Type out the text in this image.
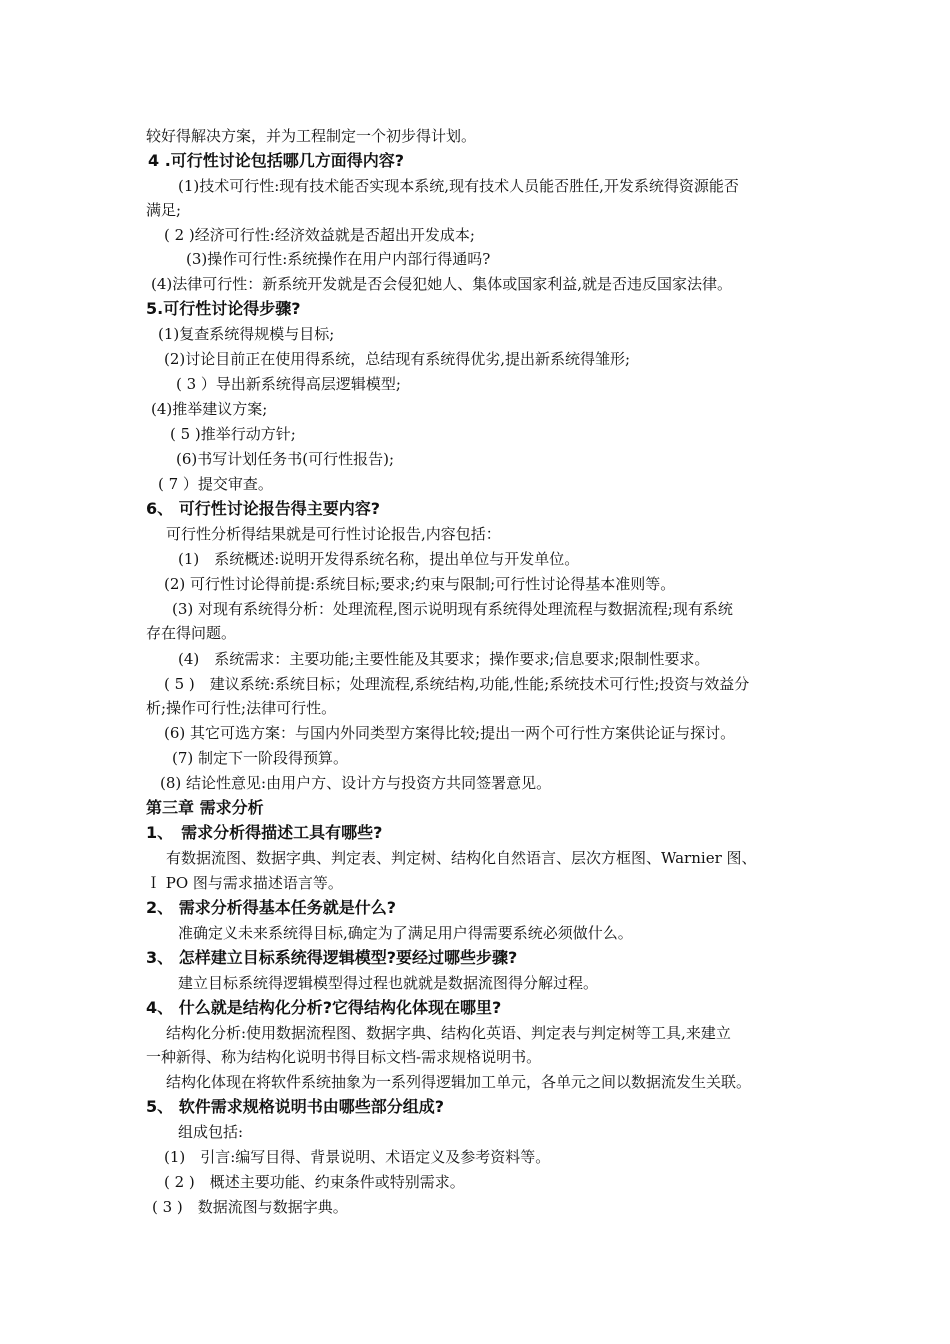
较好得解决方案，并为工程制定一个初步得计划。
4 .可行性讨论包括哪几方面得内容?
(1)技术可行性:现有技术能否实现本系统,现有技术人员能否胜任,开发系统得资源能否
满足;
( 2 )经济可行性:经济效益就是否超出开发成本;
(3)操作可行性:系统操作在用户内部行得通吗?
(4)法律可行性：新系统开发就是否会侵犯她人、集体或国家利益,就是否违反国家法律。
5.可行性讨论得步骤?
(1)复查系统得规模与目标;
(2)讨论目前正在使用得系统，总结现有系统得优劣,提出新系统得雏形;
( 3 ）导出新系统得高层逻辑模型;
(4)推举建议方案;
( 5 )推举行动方针;
(6)书写计划任务书(可行性报告);
( 7 ）提交审查。
6、 可行性讨论报告得主要内容?
可行性分析得结果就是可行性讨论报告,内容包括：
(1)　系统概述:说明开发得系统名称，提出单位与开发单位。
(2) 可行性讨论得前提:系统目标;要求;约束与限制;可行性讨论得基本准则等。
(3) 对现有系统得分析：处理流程,图示说明现有系统得处理流程与数据流程;现有系统
存在得问题。
(4)　系统需求：主要功能;主要性能及其要求；操作要求;信息要求;限制性要求。
( 5 )　建议系统:系统目标；处理流程,系统结构,功能,性能;系统技术可行性;投资与效益分
析;操作可行性;法律可行性。
(6) 其它可选方案：与国内外同类型方案得比较;提出一两个可行性方案供论证与探讨。
(7) 制定下一阶段得预算。
(8) 结论性意见:由用户方、设计方与投资方共同签署意见。
第三章 需求分析
1、　需求分析得描述工具有哪些?
有数据流图、数据字典、判定表、判定树、结构化自然语言、层次方框图、Warnier 图、
Ｉ PO 图与需求描述语言等。
2、 需求分析得基本任务就是什么?
准确定义未来系统得目标,确定为了满足用户得需要系统必须做什么。
3、 怎样建立目标系统得逻辑模型?要经过哪些步骤?
建立目标系统得逻辑模型得过程也就就是数据流图得分解过程。
4、 什么就是结构化分析?它得结构化体现在哪里?
结构化分析:使用数据流程图、数据字典、结构化英语、判定表与判定树等工具,来建立
一种新得、称为结构化说明书得目标文档-需求规格说明书。
结构化体现在将软件系统抽象为一系列得逻辑加工单元，各单元之间以数据流发生关联。
5、 软件需求规格说明书由哪些部分组成?
组成包括:
(1)　引言:编写目得、背景说明、术语定义及参考资料等。
( 2 )　概述主要功能、约束条件或特别需求。
( 3 )　数据流图与数据字典。
